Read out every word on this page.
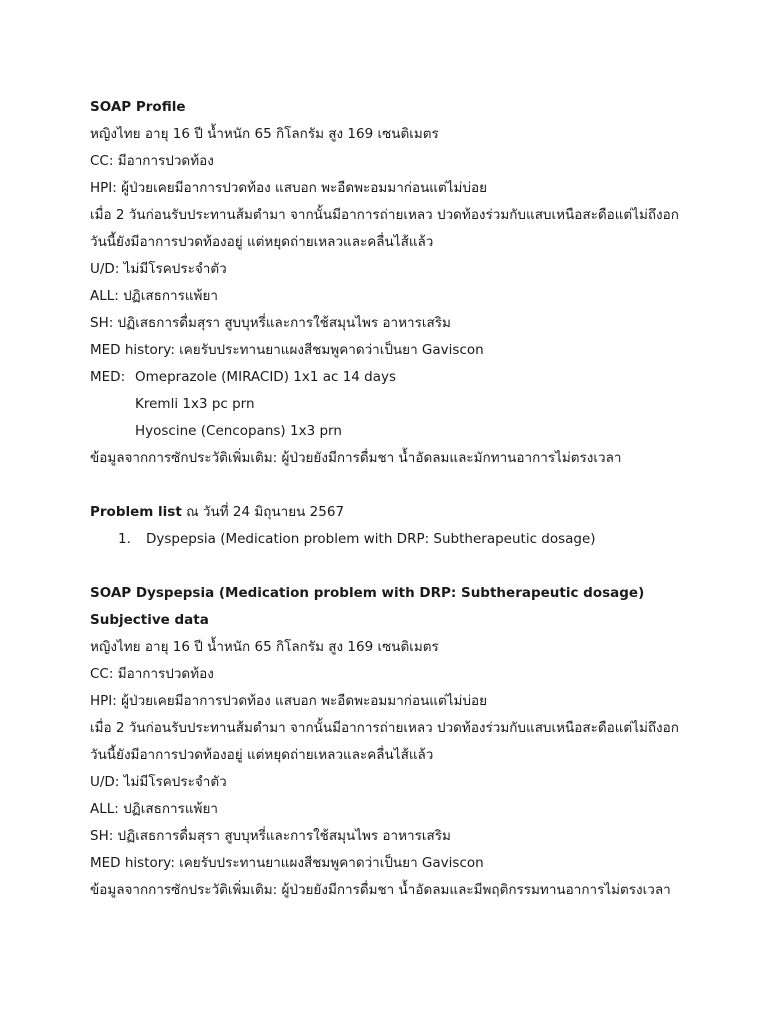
SOAP Profile
หญิงไทย อายุ 16 ปี น้ำหนัก 65 กิโลกรัม สูง 169 เซนติเมตร
CC: มีอาการปวดท้อง
HPI: ผู้ป่วยเคยมีอาการปวดท้อง แสบอก พะอืดพะอมมาก่อนแต่ไม่บ่อย
เมื่อ 2 วันก่อนรับประทานส้มตำมา จากนั้นมีอาการถ่ายเหลว ปวดท้องร่วมกับแสบเหนือสะดือแต่ไม่ถึงอก
วันนี้ยังมีอาการปวดท้องอยู่ แต่หยุดถ่ายเหลวและคลื่นไส้แล้ว
U/D: ไม่มีโรคประจำตัว
ALL: ปฏิเสธการแพ้ยา
SH: ปฏิเสธการดื่มสุรา สูบบุหรี่และการใช้สมุนไพร อาหารเสริม
MED history: เคยรับประทานยาแผงสีชมพูคาดว่าเป็นยา Gaviscon
MED: Omeprazole (MIRACID) 1x1 ac 14 days
Kremli 1x3 pc prn
Hyoscine (Cencopans) 1x3 prn
ข้อมูลจากการซักประวัติเพิ่มเติม: ผู้ป่วยยังมีการดื่มชา น้ำอัดลมและมักทานอาการไม่ตรงเวลา
Problem list ณ วันที่ 24 มิถุนายน 2567
1.	Dyspepsia (Medication problem with DRP: Subtherapeutic dosage)
SOAP Dyspepsia (Medication problem with DRP: Subtherapeutic dosage)
Subjective data
หญิงไทย อายุ 16 ปี น้ำหนัก 65 กิโลกรัม สูง 169 เซนติเมตร
CC: มีอาการปวดท้อง
HPI: ผู้ป่วยเคยมีอาการปวดท้อง แสบอก พะอืดพะอมมาก่อนแต่ไม่บ่อย
เมื่อ 2 วันก่อนรับประทานส้มตำมา จากนั้นมีอาการถ่ายเหลว ปวดท้องร่วมกับแสบเหนือสะดือแต่ไม่ถึงอก
วันนี้ยังมีอาการปวดท้องอยู่ แต่หยุดถ่ายเหลวและคลื่นไส้แล้ว
U/D: ไม่มีโรคประจำตัว
ALL: ปฏิเสธการแพ้ยา
SH: ปฏิเสธการดื่มสุรา สูบบุหรี่และการใช้สมุนไพร อาหารเสริม
MED history: เคยรับประทานยาแผงสีชมพูคาดว่าเป็นยา Gaviscon
ข้อมูลจากการซักประวัติเพิ่มเติม: ผู้ป่วยยังมีการดื่มชา น้ำอัดลมและมีพฤติกรรมทานอาการไม่ตรงเวลา
